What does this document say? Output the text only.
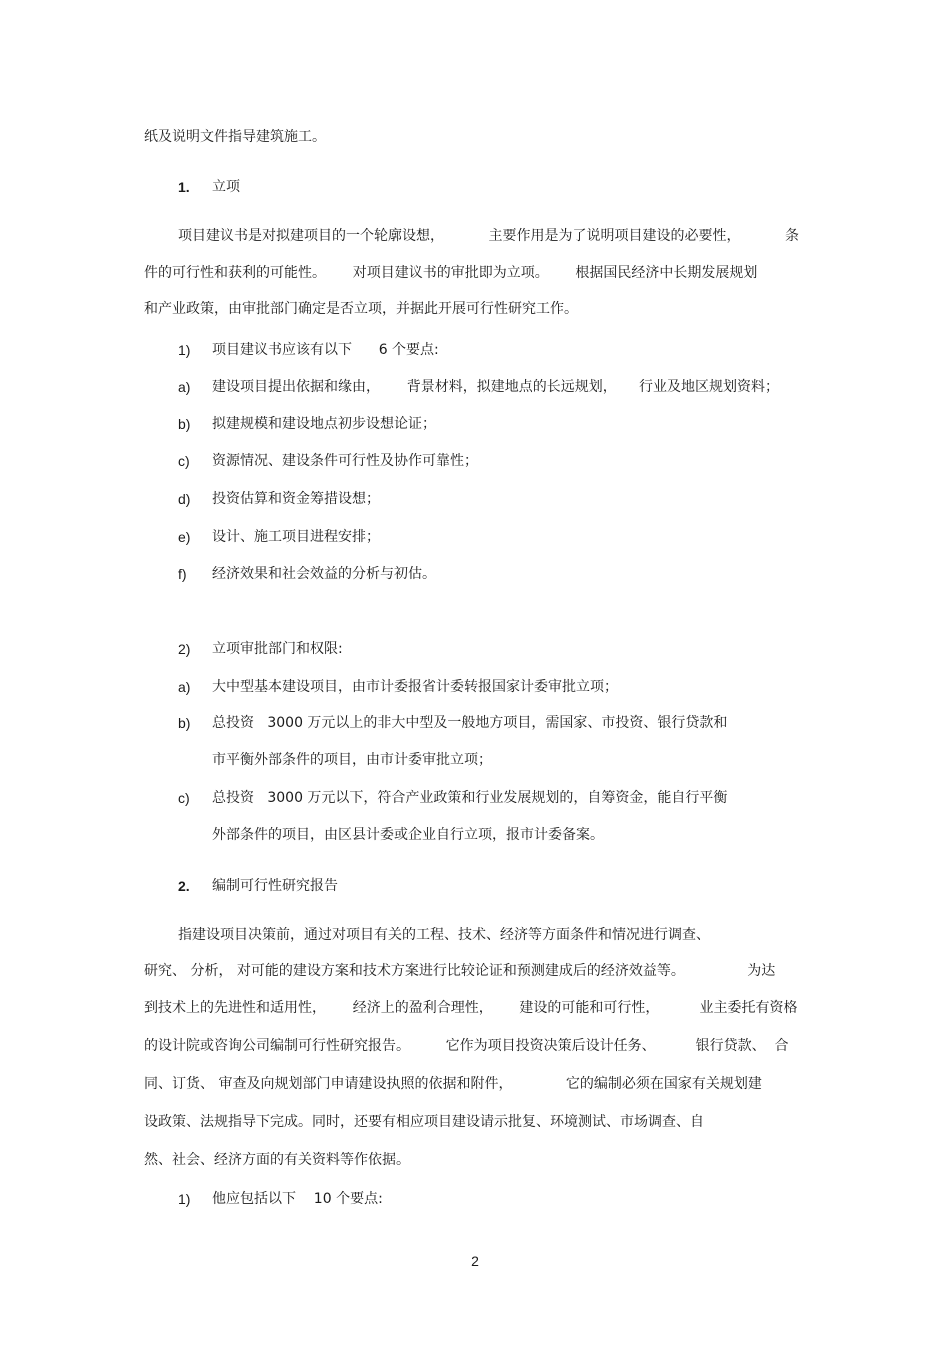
纸及说明文件指导建筑施工。
1. 立项
项目建议书是对拟建项目的一个轮廓设想，          主要作用是为了说明项目建设的必要性，          条
件的可行性和获利的可能性。      对项目建议书的审批即为立项。      根据国民经济中长期发展规划
和产业政策，由审批部门确定是否立项，并据此开展可行性研究工作。
1) 项目建议书应该有以下      6 个要点:
a) 建设项目提出依据和缘由，      背景材料，拟建地点的长远规划，     行业及地区规划资料；
b) 拟建规模和建设地点初步设想论证；
c) 资源情况、建设条件可行性及协作可靠性；
d) 投资估算和资金筹措设想；
e) 设计、施工项目进程安排；
f) 经济效果和社会效益的分析与初估。
2) 立项审批部门和权限:
a) 大中型基本建设项目，由市计委报省计委转报国家计委审批立项；
b) 总投资   3000 万元以上的非大中型及一般地方项目，需国家、市投资、银行贷款和
市平衡外部条件的项目，由市计委审批立项；
c) 总投资   3000 万元以下，符合产业政策和行业发展规划的，自筹资金，能自行平衡
外部条件的项目，由区县计委或企业自行立项，报市计委备案。
2. 编制可行性研究报告
指建设项目决策前，通过对项目有关的工程、技术、经济等方面条件和情况进行调查、
研究、 分析， 对可能的建设方案和技术方案进行比较论证和预测建成后的经济效益等。              为达
到技术上的先进性和适用性，      经济上的盈利合理性，      建设的可能和可行性，         业主委托有资格
的设计院或咨询公司编制可行性研究报告。        它作为项目投资决策后设计任务、         银行贷款、  合
同、订货、 审查及向规划部门申请建设执照的依据和附件，            它的编制必须在国家有关规划建
设政策、法规指导下完成。同时，还要有相应项目建设请示批复、环境测试、市场调查、自
然、社会、经济方面的有关资料等作依据。
1) 他应包括以下    10 个要点:
2
